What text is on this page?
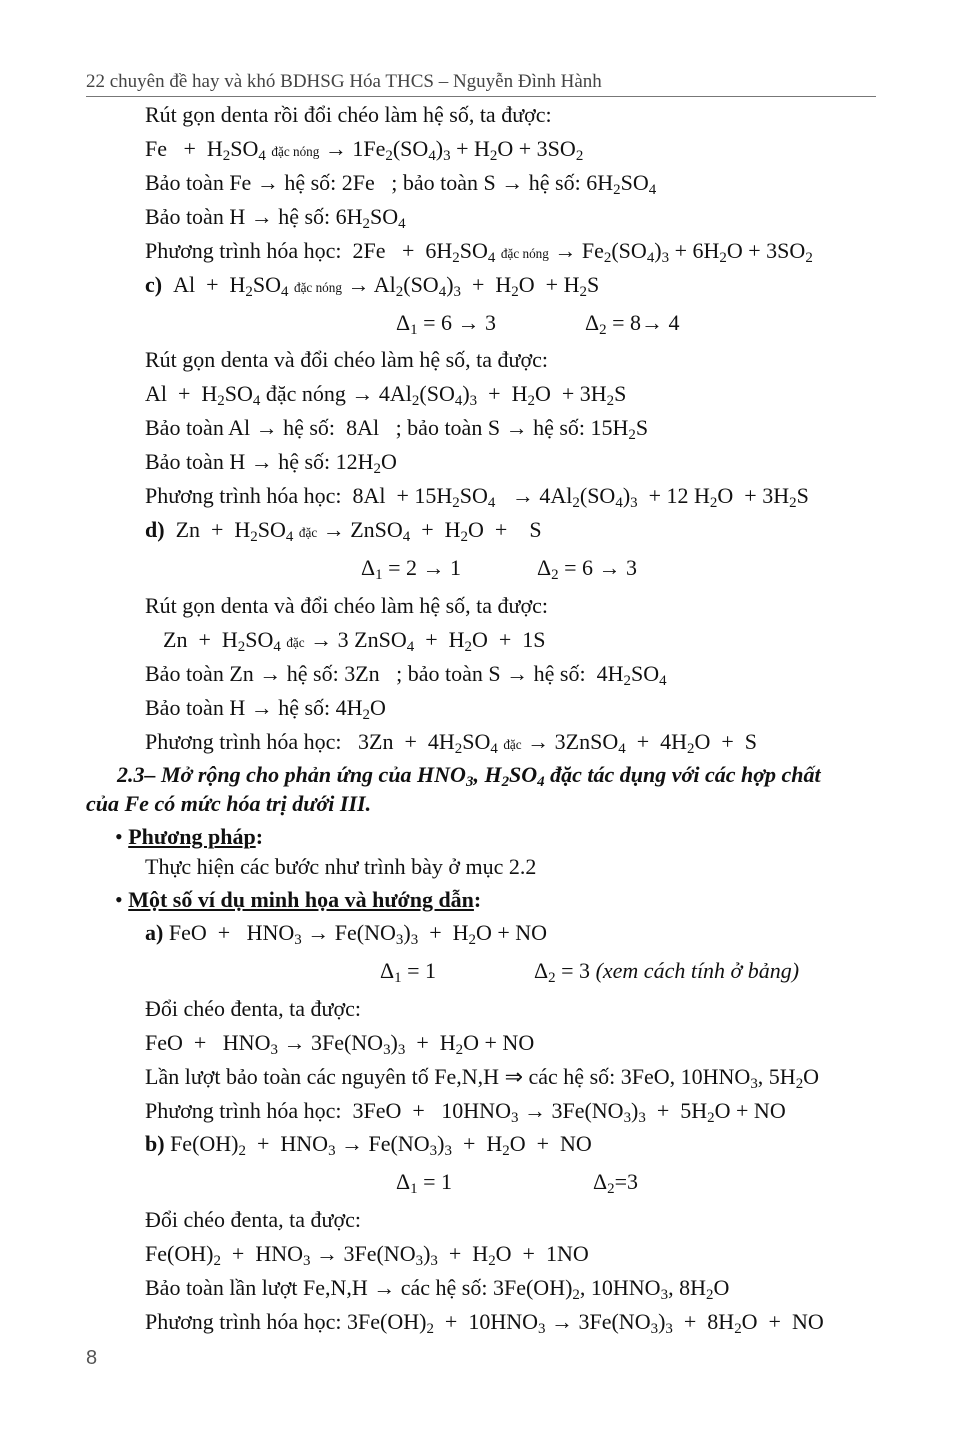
22 chuyên đề hay và khó BDHSG Hóa THCS – Nguyễn Đình Hành
Rút gọn denta rồi đổi chéo làm hệ số, ta được:
$Fe + H_2SO_4$ đặc nóng → $1Fe_2(SO_4)_3 + H_2O + 3SO_2$
Bảo toàn Fe → hệ số: 2Fe   ; bảo toàn S → hệ số: $6H_2SO_4$
Bảo toàn H → hệ số: $6H_2SO_4$
Phương trình hóa học:  $2Fe + 6H_2SO_4$ đặc nóng → $Fe_2(SO_4)_3 + 6H_2O + 3SO_2$
c)  $Al + H_2SO_4$ đặc nóng → $Al_2(SO_4)_3 + H_2O + H_2S$
$\Delta_1 = 6 \to 3$	$\Delta_2 = 8\to 4$
Rút gọn denta và đổi chéo làm hệ số, ta được:
$Al + H_2SO_4$ đặc nóng → $4Al_2(SO_4)_3 + H_2O + 3H_2S$
Bảo toàn Al → hệ số:  8Al   ; bảo toàn S → hệ số: $15H_2S$
Bảo toàn H → hệ số: $12H_2O$
Phương trình hóa học:  $8Al + 15H_2SO_4 \to 4Al_2(SO_4)_3 + 12$ $H_2O + 3H_2S$
d)  $Zn + H_2SO_4$ đặc → ZnSO$_4$  +  $H_2O$  +    S
$\Delta_1 = 2 \to 1$	$\Delta_2 = 6 \to 3$
Rút gọn denta và đổi chéo làm hệ số, ta được:
$Zn + H_2SO_4$ đặc → 3 ZnSO$_4$  +  $H_2O + 1S$
Bảo toàn Zn → hệ số: 3Zn   ; bảo toàn S → hệ số:  $4H_2SO_4$
Bảo toàn H → hệ số: $4H_2O$
Phương trình hóa học:   $3Zn + 4H_2SO_4$ đặc → 3ZnSO$_4$  +  $4H_2O + S$
2.3– Mở rộng cho phản ứng của $HNO_3$, $H_2SO_4$ đặc tác dụng với các hợp chất
của Fe có mức hóa trị dưới III.
• Phương pháp:
Thực hiện các bước như trình bày ở mục 2.2
• Một số ví dụ minh họa và hướng dẫn:
a) FeO  +   $HNO_3 \to Fe(NO_3)_3 + H_2O$ + NO
$\Delta_1 = 1$	$\Delta_2 = 3$ (xem cách tính ở bảng)
Đổi chéo đenta, ta được:
FeO  +   $HNO_3 \to 3Fe(NO_3)_3 + H_2O$ + NO
Lần lượt bảo toàn các nguyên tố Fe,N,H ⇒ các hệ số: 3FeO, $10HNO_3$, $5H_2O$
Phương trình hóa học:  $3FeO + 10HNO_3 \to 3Fe(NO_3)_3 + 5H_2O$ + NO
b) $Fe(OH)_2 + HNO_3 \to Fe(NO_3)_3 + H_2O$  +  NO
$\Delta_1 = 1$	$\Delta_2=3$
Đổi chéo đenta, ta được:
$Fe(OH)_2 + HNO_3 \to 3Fe(NO_3)_3 + H_2O + 1NO$
Bảo toàn lần lượt Fe,N,H → các hệ số: $3Fe(OH)_2$, $10HNO_3$, $8H_2O$
Phương trình hóa học: $3Fe(OH)_2 + 10HNO_3 \to 3Fe(NO_3)_3 + 8H_2O$  +  NO
8
